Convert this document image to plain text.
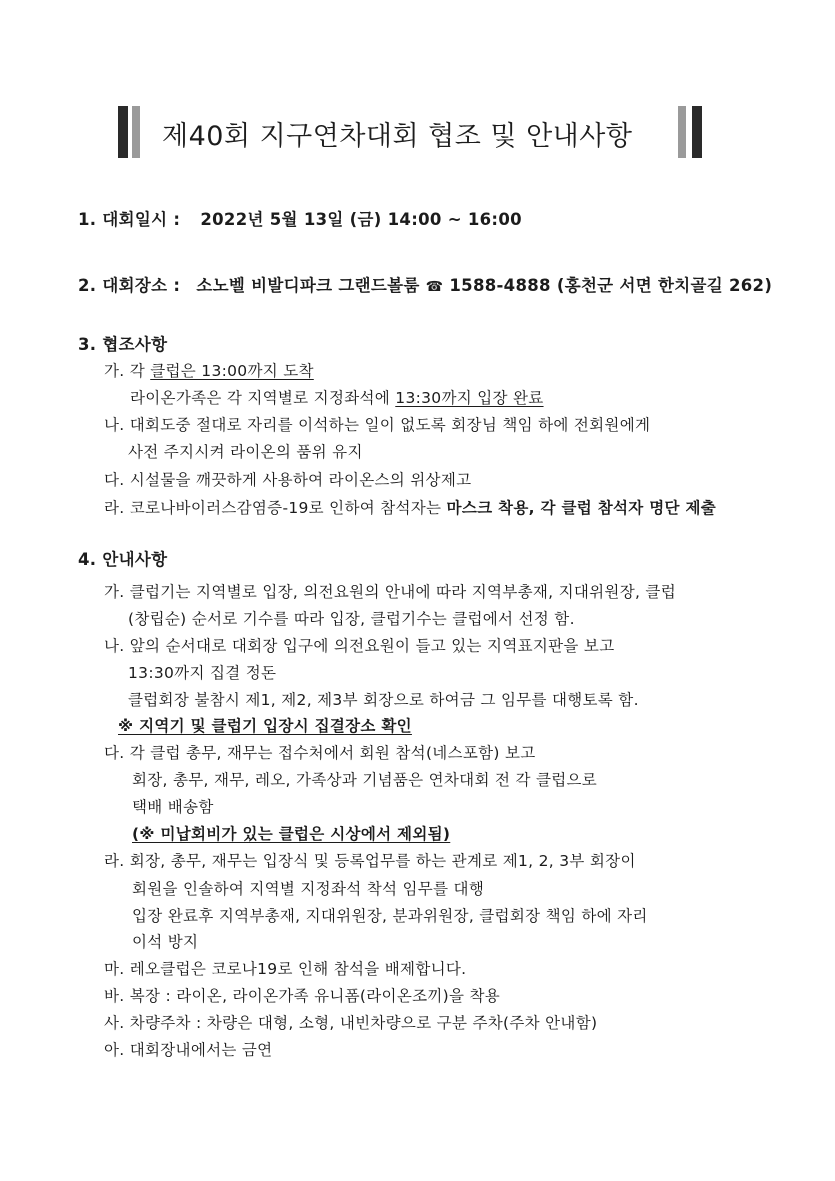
제40회 지구연차대회 협조 및 안내사항
1. 대회일시 : 2022년 5월 13일 (금) 14:00 ~ 16:00
2. 대회장소 : 소노벨 비발디파크 그랜드볼룸 ☎ 1588-4888 (홍천군 서면 한치골길 262)
3. 협조사항
가. 각 클럽은 13:00까지 도착
라이온가족은 각 지역별로 지정좌석에 13:30까지 입장 완료
나. 대회도중 절대로 자리를 이석하는 일이 없도록 회장님 책임 하에 전회원에게
사전 주지시켜 라이온의 품위 유지
다. 시설물을 깨끗하게 사용하여 라이온스의 위상제고
라. 코로나바이러스감염증-19로 인하여 참석자는 마스크 착용, 각 클럽 참석자 명단 제출
4. 안내사항
가. 클럽기는 지역별로 입장, 의전요원의 안내에 따라 지역부총재, 지대위원장, 클럽
(창립순) 순서로 기수를 따라 입장, 클럽기수는 클럽에서 선정 함.
나. 앞의 순서대로 대회장 입구에 의전요원이 들고 있는 지역표지판을 보고
13:30까지 집결 정돈
클럽회장 불참시 제1, 제2, 제3부 회장으로 하여금 그 임무를 대행토록 함.
※ 지역기 및 클럽기 입장시 집결장소 확인
다. 각 클럽 총무, 재무는 접수처에서 회원 참석(네스포함) 보고
회장, 총무, 재무, 레오, 가족상과 기념품은 연차대회 전 각 클럽으로
택배 배송함
(※ 미납회비가 있는 클럽은 시상에서 제외됨)
라. 회장, 총무, 재무는 입장식 및 등록업무를 하는 관계로 제1, 2, 3부 회장이
회원을 인솔하여 지역별 지정좌석 착석 임무를 대행
입장 완료후 지역부총재, 지대위원장, 분과위원장, 클럽회장 책임 하에 자리
이석 방지
마. 레오클럽은 코로나19로 인해 참석을 배제합니다.
바. 복장 : 라이온, 라이온가족 유니폼(라이온조끼)을 착용
사. 차량주차 : 차량은 대형, 소형, 내빈차량으로 구분 주차(주차 안내함)
아. 대회장내에서는 금연
